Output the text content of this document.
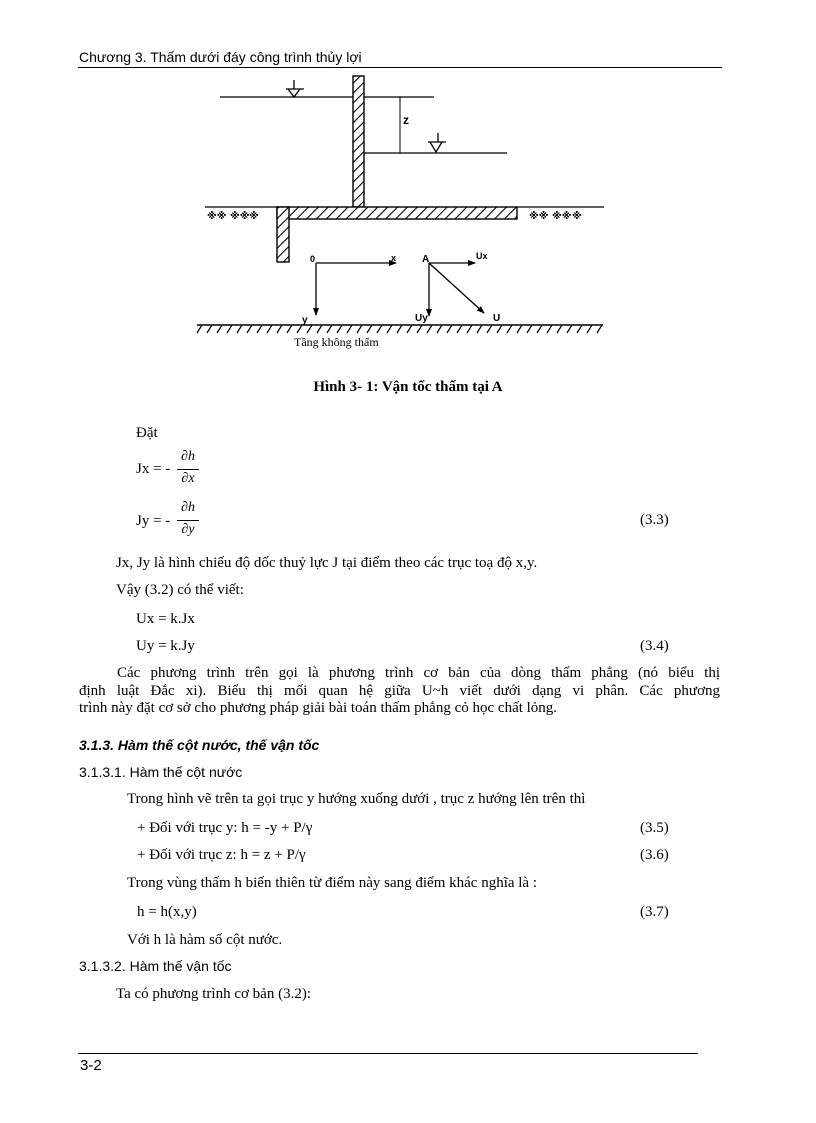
Chương 3. Thấm dưới đáy công trình thủy lợi
z
※※ ※※ ※	※※ ※※ ※
0	x
y
A	Ux
Uy	U
Tầng không thấm
Hình 3- 1: Vận tốc thấm tại A
Đặt
Jx = -
∂h
∂x
Jy = -
∂h
∂y
(3.3)
Jx, Jy là hình chiếu độ dốc thuỷ lực J tại điểm theo các trục toạ độ x,y.
Vậy (3.2) có thể viết:
Ux = k.Jx
Uy = k.Jy	(3.4)
Các phương trình trên gọi là phương trình cơ bản của dòng thấm phẳng (nó biểu thị
định luật Đắc xi). Biểu thị mối quan hệ giữa U~h viết dưới dạng vi phân. Các phương
trình này đặt cơ sở cho phương pháp giải bài toán thấm phẳng cỏ học chất lỏng.
3.1.3. Hàm thế cột nước, thế vận tốc
3.1.3.1. Hàm thế cột nước
Trong hình vẽ trên ta gọi trục y hướng xuống dưới , trục z hướng lên trên thì
+ Đối với trục y: h = -y + P/γ	(3.5)
+ Đối với trục z: h = z + P/γ	(3.6)
Trong vùng thấm h biến thiên từ điểm này sang điểm khác nghĩa là :
h = h(x,y)	(3.7)
Với h là hàm số cột nước.
3.1.3.2. Hàm thế vận tốc
Ta có phương trình cơ bản (3.2):
3-2
